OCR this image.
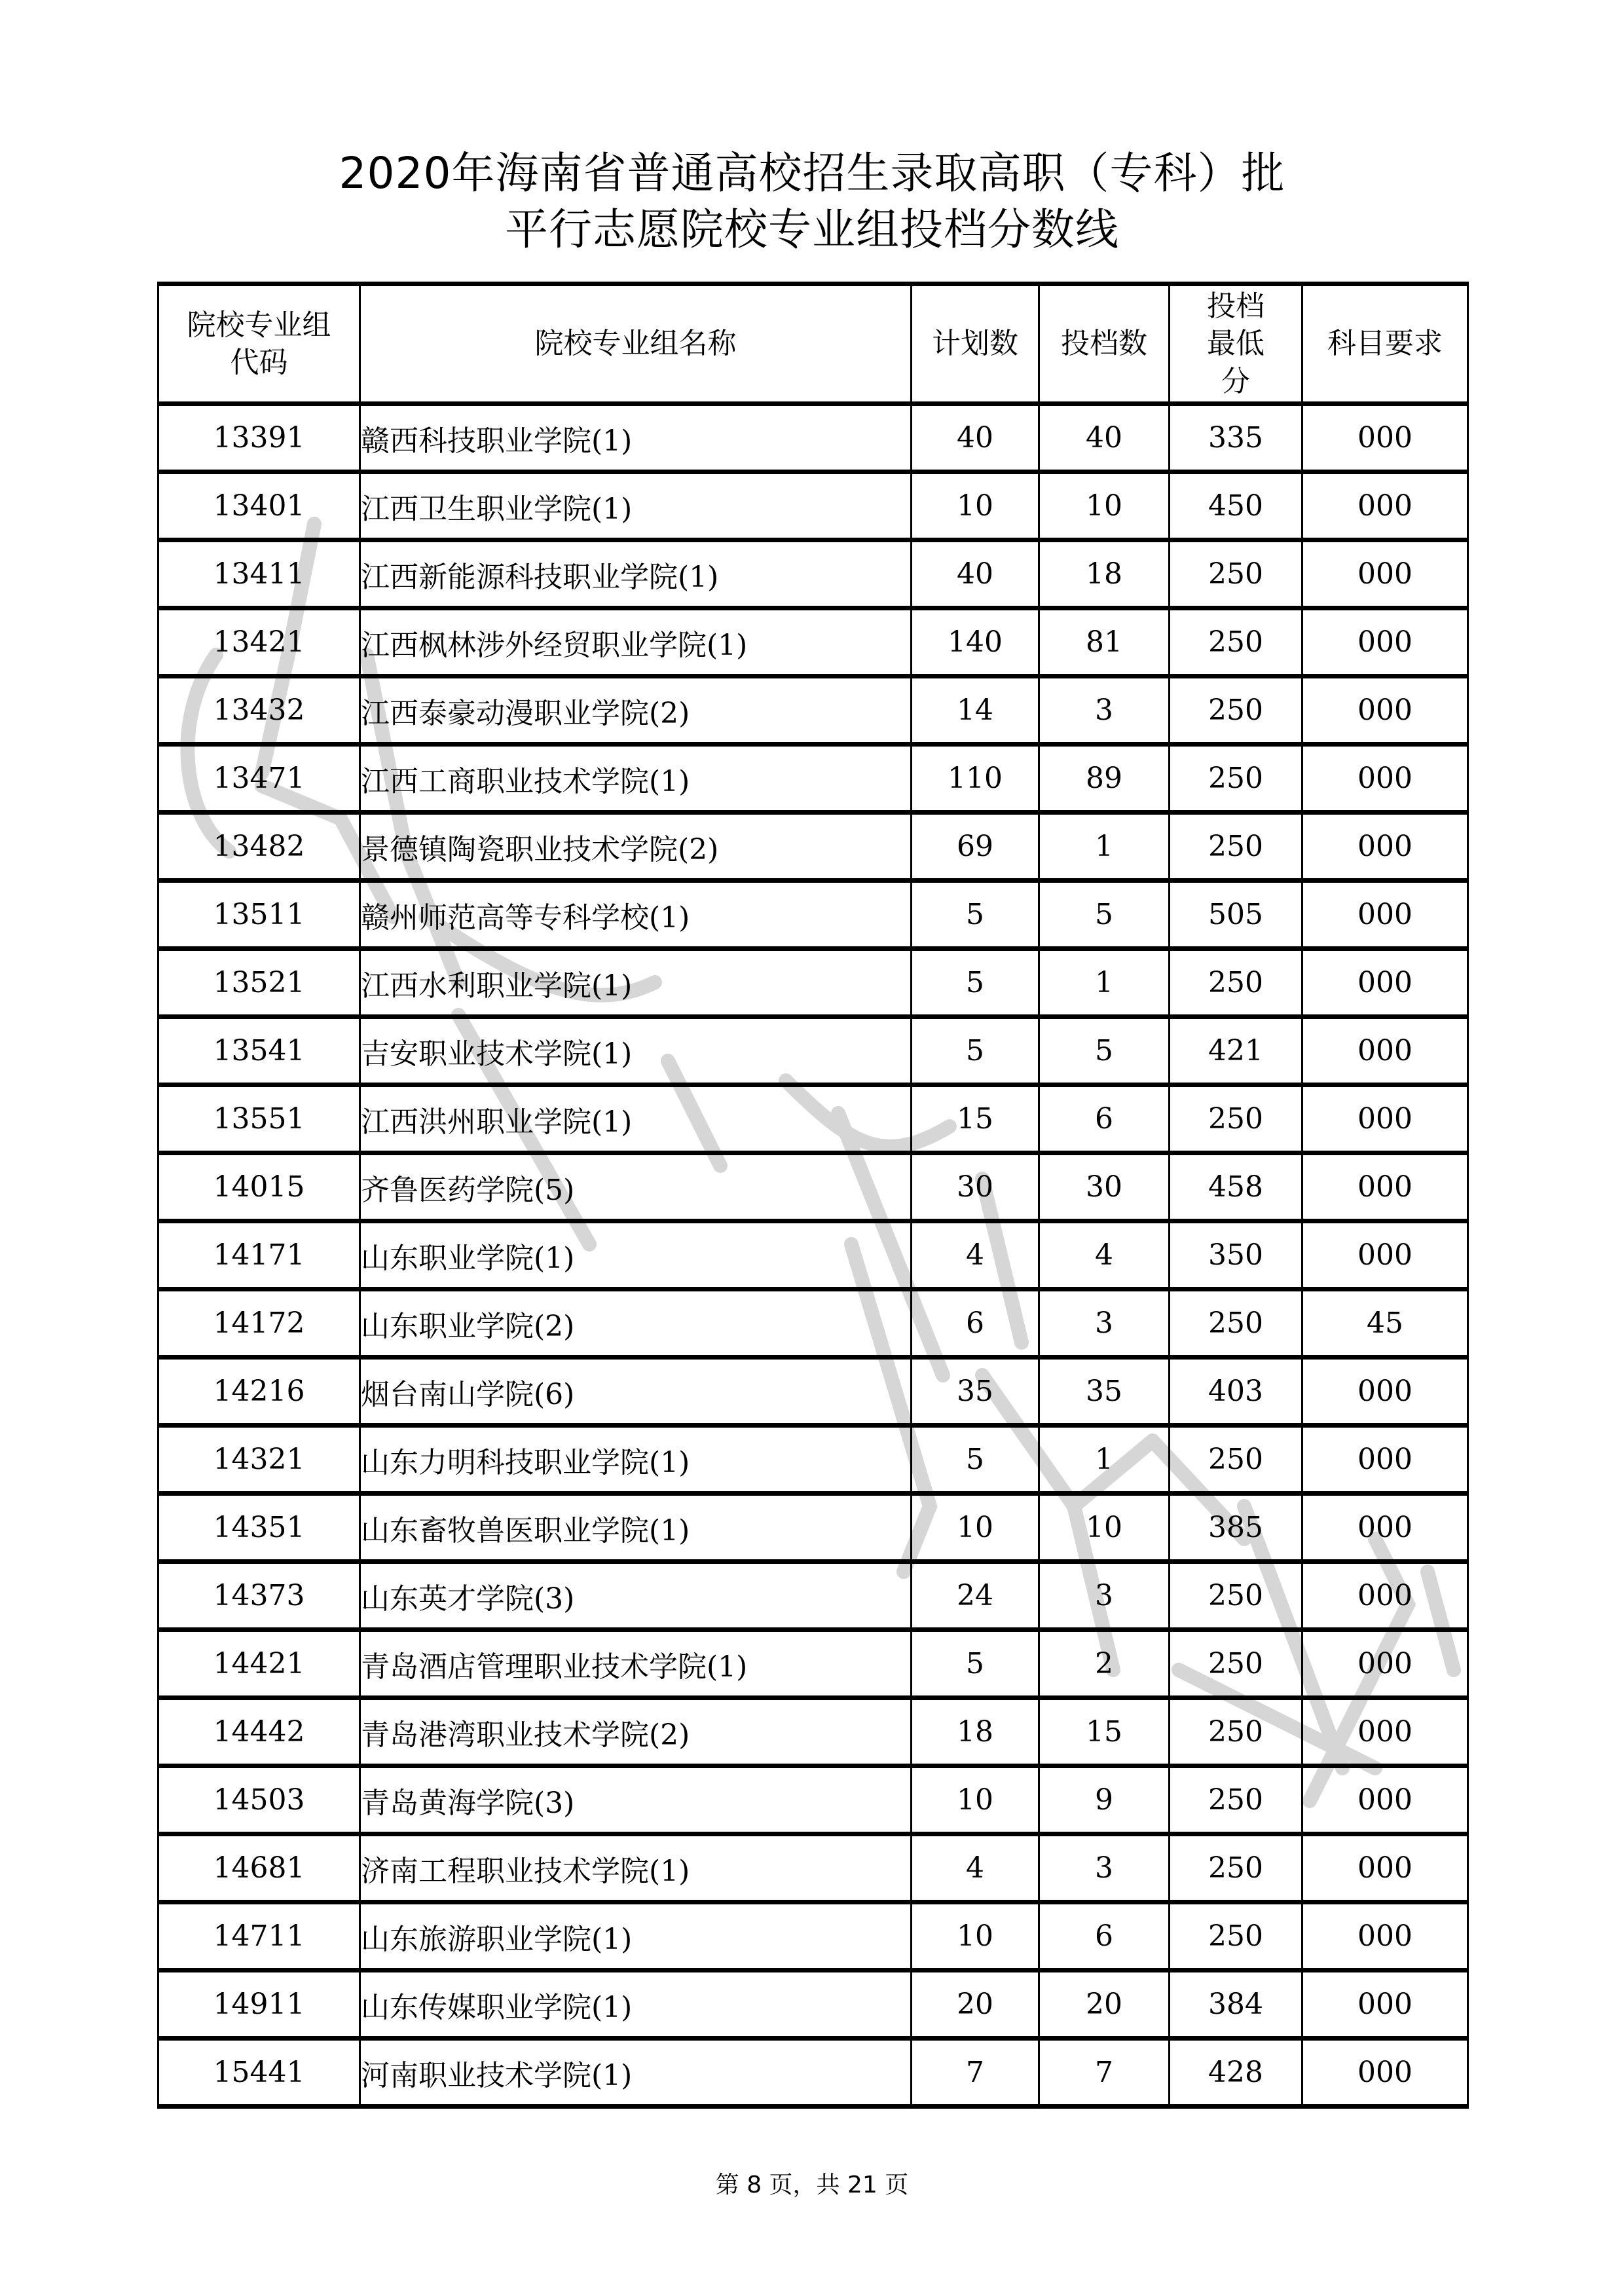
2020年海南省普通高校招生录取高职（专科）批
平行志愿院校专业组投档分数线
院校专业组代码	院校专业组名称	计划数	投档数	投档最低分	科目要求
13391	赣西科技职业学院(1)	40	40	335	000
13401	江西卫生职业学院(1)	10	10	450	000
13411	江西新能源科技职业学院(1)	40	18	250	000
13421	江西枫林涉外经贸职业学院(1)	140	81	250	000
13432	江西泰豪动漫职业学院(2)	14	3	250	000
13471	江西工商职业技术学院(1)	110	89	250	000
13482	景德镇陶瓷职业技术学院(2)	69	1	250	000
13511	赣州师范高等专科学校(1)	5	5	505	000
13521	江西水利职业学院(1)	5	1	250	000
13541	吉安职业技术学院(1)	5	5	421	000
13551	江西洪州职业学院(1)	15	6	250	000
14015	齐鲁医药学院(5)	30	30	458	000
14171	山东职业学院(1)	4	4	350	000
14172	山东职业学院(2)	6	3	250	45
14216	烟台南山学院(6)	35	35	403	000
14321	山东力明科技职业学院(1)	5	1	250	000
14351	山东畜牧兽医职业学院(1)	10	10	385	000
14373	山东英才学院(3)	24	3	250	000
14421	青岛酒店管理职业技术学院(1)	5	2	250	000
14442	青岛港湾职业技术学院(2)	18	15	250	000
14503	青岛黄海学院(3)	10	9	250	000
14681	济南工程职业技术学院(1)	4	3	250	000
14711	山东旅游职业学院(1)	10	6	250	000
14911	山东传媒职业学院(1)	20	20	384	000
15441	河南职业技术学院(1)	7	7	428	000
第 8 页，共 21 页
